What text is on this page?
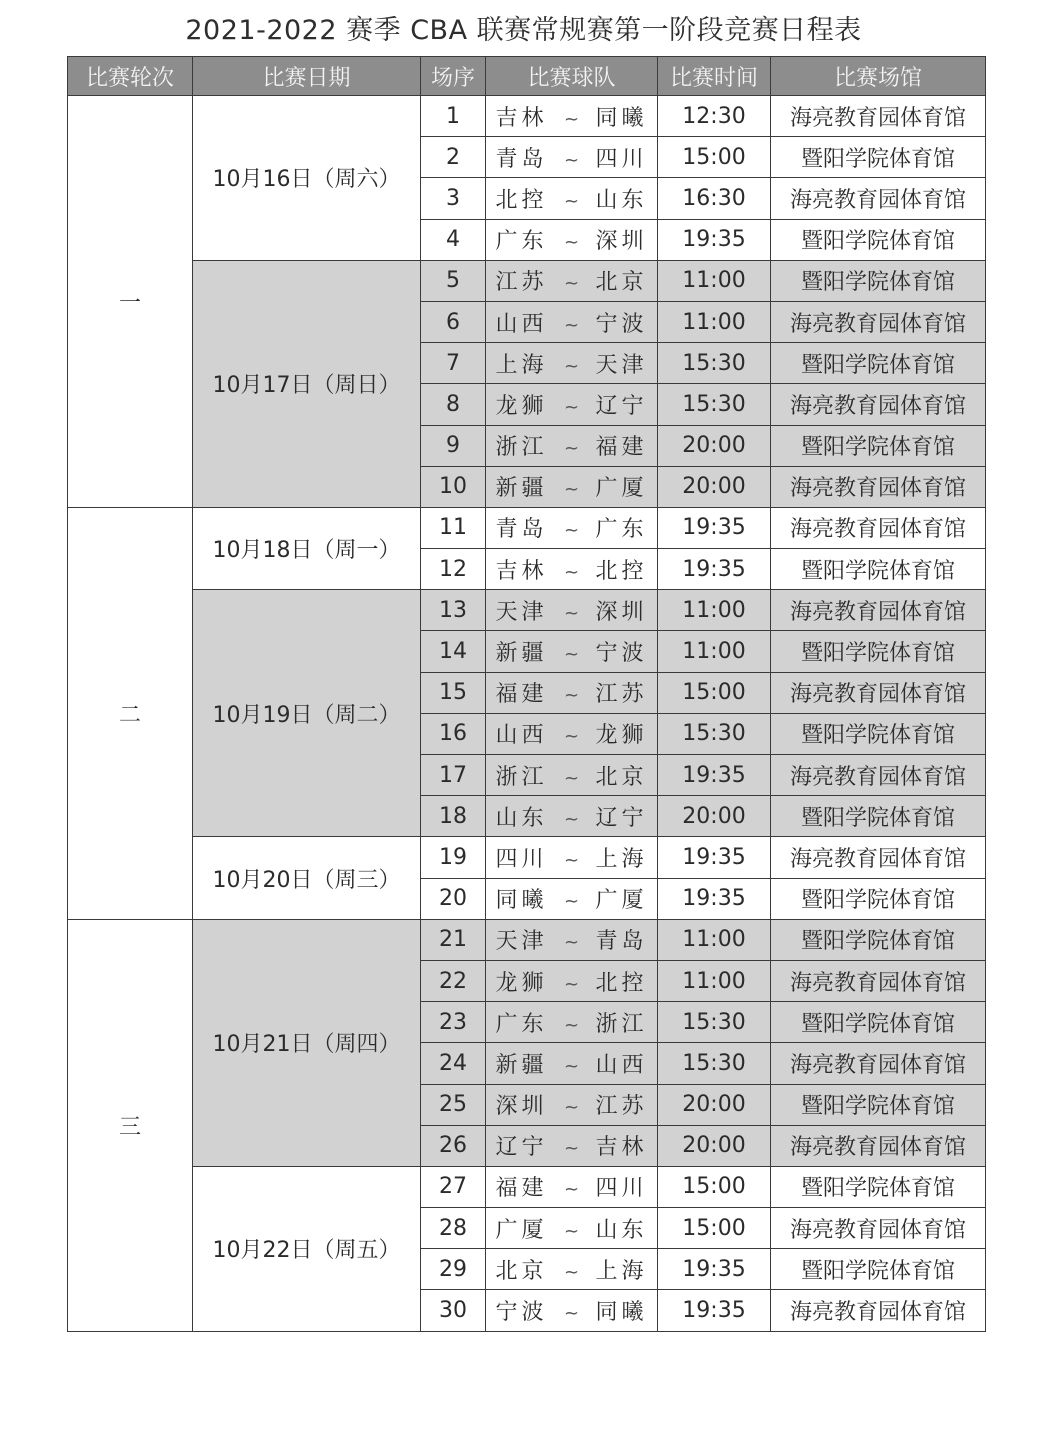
2021-2022 赛季 CBA 联赛常规赛第一阶段竞赛日程表
比赛轮次	比赛日期	场序	比赛球队	比赛时间	比赛场馆
一	10月16日（周六）	1	吉林 ~ 同曦	12:30	海亮教育园体育馆
		2	青岛 ~ 四川	15:00	暨阳学院体育馆
		3	北控 ~ 山东	16:30	海亮教育园体育馆
		4	广东 ~ 深圳	19:35	暨阳学院体育馆
	10月17日（周日）	5	江苏 ~ 北京	11:00	暨阳学院体育馆
		6	山西 ~ 宁波	11:00	海亮教育园体育馆
		7	上海 ~ 天津	15:30	暨阳学院体育馆
		8	龙狮 ~ 辽宁	15:30	海亮教育园体育馆
		9	浙江 ~ 福建	20:00	暨阳学院体育馆
		10	新疆 ~ 广厦	20:00	海亮教育园体育馆
二	10月18日（周一）	11	青岛 ~ 广东	19:35	海亮教育园体育馆
		12	吉林 ~ 北控	19:35	暨阳学院体育馆
	10月19日（周二）	13	天津 ~ 深圳	11:00	海亮教育园体育馆
		14	新疆 ~ 宁波	11:00	暨阳学院体育馆
		15	福建 ~ 江苏	15:00	海亮教育园体育馆
		16	山西 ~ 龙狮	15:30	暨阳学院体育馆
		17	浙江 ~ 北京	19:35	海亮教育园体育馆
		18	山东 ~ 辽宁	20:00	暨阳学院体育馆
	10月20日（周三）	19	四川 ~ 上海	19:35	海亮教育园体育馆
		20	同曦 ~ 广厦	19:35	暨阳学院体育馆
三	10月21日（周四）	21	天津 ~ 青岛	11:00	暨阳学院体育馆
		22	龙狮 ~ 北控	11:00	海亮教育园体育馆
		23	广东 ~ 浙江	15:30	暨阳学院体育馆
		24	新疆 ~ 山西	15:30	海亮教育园体育馆
		25	深圳 ~ 江苏	20:00	暨阳学院体育馆
		26	辽宁 ~ 吉林	20:00	海亮教育园体育馆
	10月22日（周五）	27	福建 ~ 四川	15:00	暨阳学院体育馆
		28	广厦 ~ 山东	15:00	海亮教育园体育馆
		29	北京 ~ 上海	19:35	暨阳学院体育馆
		30	宁波 ~ 同曦	19:35	海亮教育园体育馆
